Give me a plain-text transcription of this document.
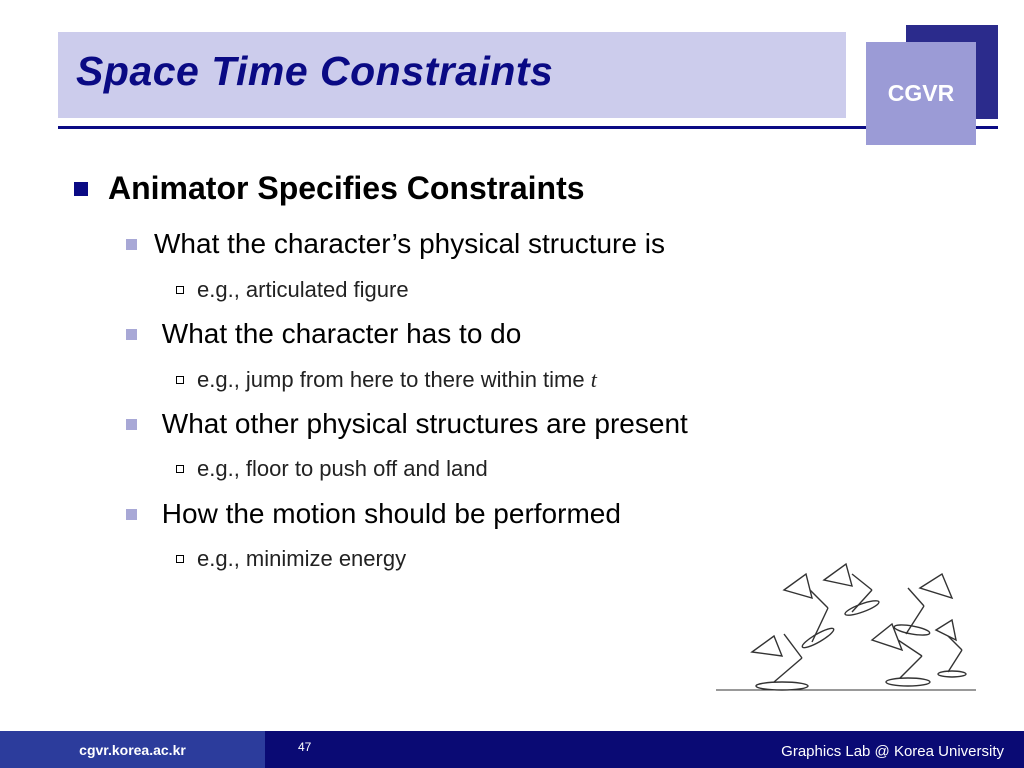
Space Time Constraints	CGVR
Animator Specifies Constraints
What the character’s physical structure is
e.g., articulated figure
What the character has to do
e.g., jump from here to there within time t
What other physical structures are present
e.g., floor to push off and land
How the motion should be performed
e.g., minimize energy
cgvr.korea.ac.kr	47	Graphics Lab @ Korea University
